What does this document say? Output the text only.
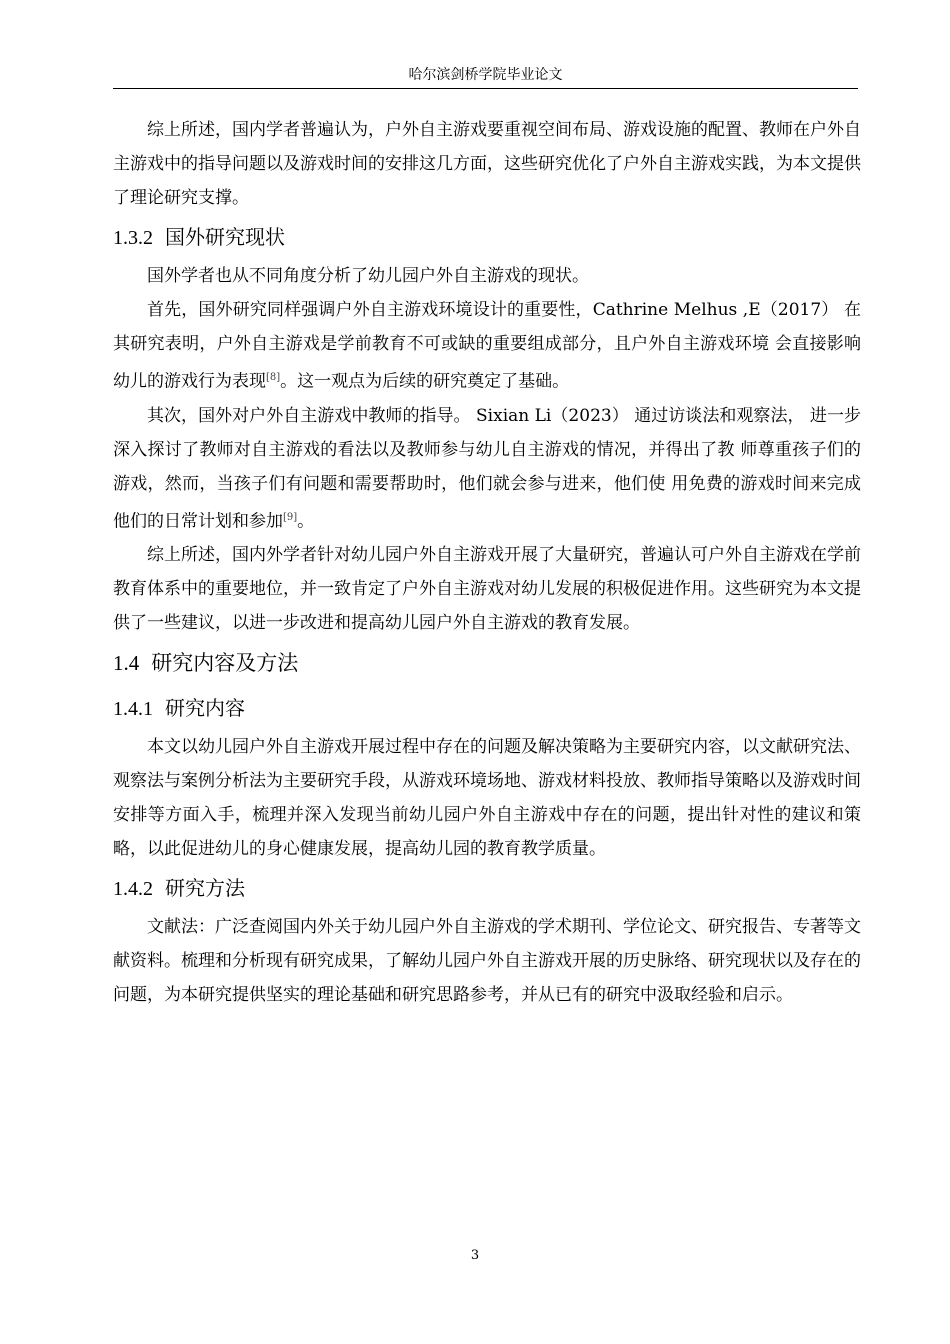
哈尔滨剑桥学院毕业论文

综上所述，国内学者普遍认为，户外自主游戏要重视空间布局、游戏设施的配置、教师在户外自主游戏中的指导问题以及游戏时间的安排这几方面，这些研究优化了户外自主游戏实践，为本文提供了理论研究支撑。

1.3.2 国外研究现状

国外学者也从不同角度分析了幼儿园户外自主游戏的现状。

首先，国外研究同样强调户外自主游戏环境设计的重要性，Cathrine Melhus ,E（2017） 在其研究表明，户外自主游戏是学前教育不可或缺的重要组成部分，且户外自主游戏环境 会直接影响幼儿的游戏行为表现[8]。这一观点为后续的研究奠定了基础。

其次，国外对户外自主游戏中教师的指导。 Sixian Li（2023） 通过访谈法和观察法， 进一步深入探讨了教师对自主游戏的看法以及教师参与幼儿自主游戏的情况，并得出了教 师尊重孩子们的游戏，然而，当孩子们有问题和需要帮助时，他们就会参与进来，他们使 用免费的游戏时间来完成他们的日常计划和参加[9]。

综上所述，国内外学者针对幼儿园户外自主游戏开展了大量研究，普遍认可户外自主游戏在学前教育体系中的重要地位，并一致肯定了户外自主游戏对幼儿发展的积极促进作用。这些研究为本文提供了一些建议，以进一步改进和提高幼儿园户外自主游戏的教育发展。

1.4 研究内容及方法
1.4.1 研究内容

本文以幼儿园户外自主游戏开展过程中存在的问题及解决策略为主要研究内容，以文献研究法、观察法与案例分析法为主要研究手段，从游戏环境场地、游戏材料投放、教师指导策略以及游戏时间安排等方面入手，梳理并深入发现当前幼儿园户外自主游戏中存在的问题，提出针对性的建议和策略，以此促进幼儿的身心健康发展，提高幼儿园的教育教学质量。

1.4.2 研究方法

文献法：广泛查阅国内外关于幼儿园户外自主游戏的学术期刊、学位论文、研究报告、专著等文献资料。梳理和分析现有研究成果，了解幼儿园户外自主游戏开展的历史脉络、研究现状以及存在的问题，为本研究提供坚实的理论基础和研究思路参考，并从已有的研究中汲取经验和启示。

3
